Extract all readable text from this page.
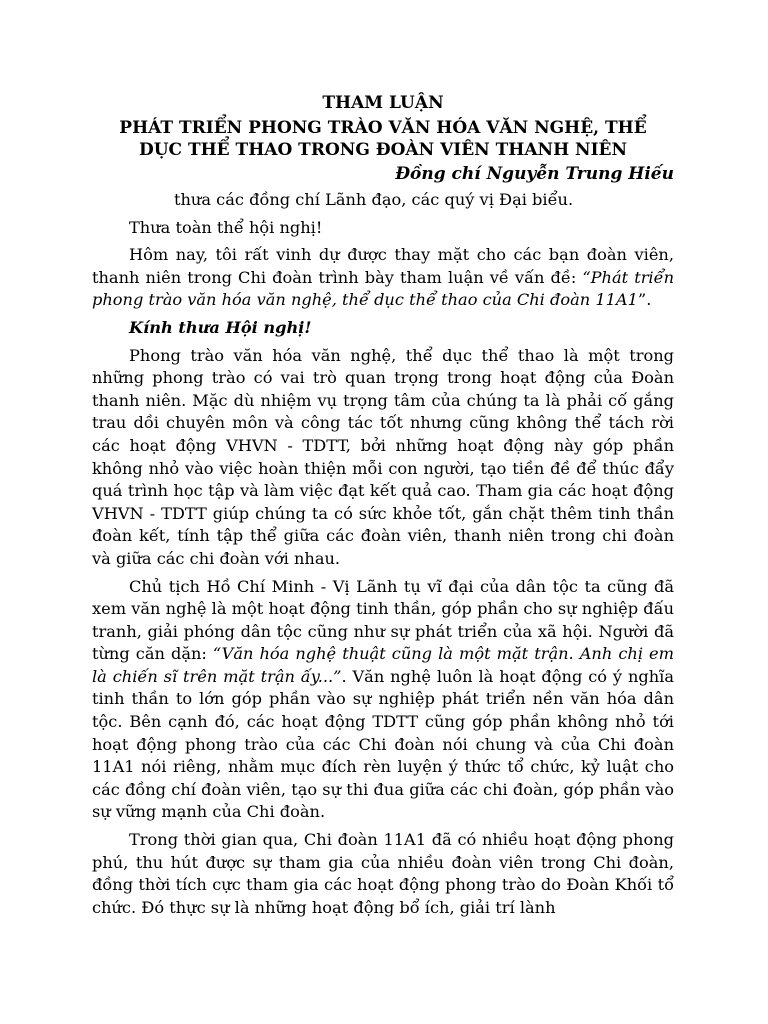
THAM LUẬN

PHÁT TRIỂN PHONG TRÀO VĂN HÓA VĂN NGHỆ, THỂ DỤC THỂ THAO TRONG ĐOÀN VIÊN THANH NIÊN

Đồng chí Nguyễn Trung Hiếu

thưa các đồng chí Lãnh đạo, các quý vị Đại biểu.

Thưa toàn thể hội nghị!

Hôm nay, tôi rất vinh dự được thay mặt cho các bạn đoàn viên, thanh niên trong Chi đoàn trình bày tham luận về vấn đề: “Phát triển phong trào văn hóa văn nghệ, thể dục thể thao của Chi đoàn 11A1”.

Kính thưa Hội nghị!

Phong trào văn hóa văn nghệ, thể dục thể thao là một trong những phong trào có vai trò quan trọng trong hoạt động của Đoàn thanh niên. Mặc dù nhiệm vụ trọng tâm của chúng ta là phải cố gắng trau dồi chuyên môn và công tác tốt nhưng cũng không thể tách rời các hoạt động VHVN - TDTT, bởi những hoạt động này góp phần không nhỏ vào việc hoàn thiện mỗi con người, tạo tiền đề để thúc đẩy quá trình học tập và làm việc đạt kết quả cao. Tham gia các hoạt động VHVN - TDTT giúp chúng ta có sức khỏe tốt, gắn chặt thêm tinh thần đoàn kết, tính tập thể giữa các đoàn viên, thanh niên trong chi đoàn và giữa các chi đoàn với nhau.

Chủ tịch Hồ Chí Minh - Vị Lãnh tụ vĩ đại của dân tộc ta cũng đã xem văn nghệ là một hoạt động tinh thần, góp phần cho sự nghiệp đấu tranh, giải phóng dân tộc cũng như sự phát triển của xã hội. Người đã từng căn dặn: “Văn hóa nghệ thuật cũng là một mặt trận. Anh chị em là chiến sĩ trên mặt trận ấy...”. Văn nghệ luôn là hoạt động có ý nghĩa tinh thần to lớn góp phần vào sự nghiệp phát triển nền văn hóa dân tộc. Bên cạnh đó, các hoạt động TDTT cũng góp phần không nhỏ tới hoạt động phong trào của các Chi đoàn nói chung và của Chi đoàn 11A1 nói riêng, nhằm mục đích rèn luyện ý thức tổ chức, kỷ luật cho các đồng chí đoàn viên, tạo sự thi đua giữa các chi đoàn, góp phần vào sự vững mạnh của Chi đoàn.

Trong thời gian qua, Chi đoàn 11A1 đã có nhiều hoạt động phong phú, thu hút được sự tham gia của nhiều đoàn viên trong Chi đoàn, đồng thời tích cực tham gia các hoạt động phong trào do Đoàn Khối tổ chức. Đó thực sự là những hoạt động bổ ích, giải trí lành
